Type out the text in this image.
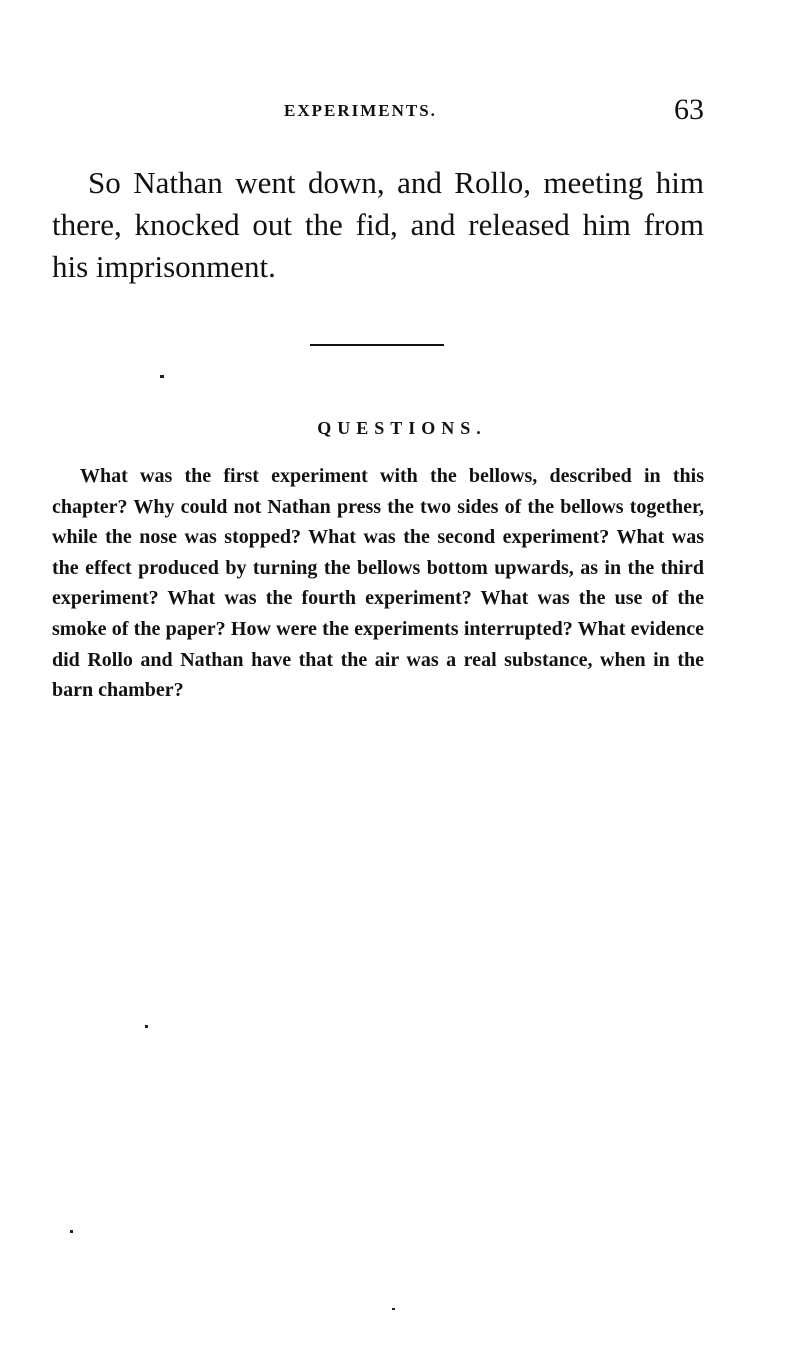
EXPERIMENTS.	63

So Nathan went down, and Rollo, meeting him there, knocked out the fid, and released him from his imprisonment.

QUESTIONS.

What was the first experiment with the bellows, described in this chapter? Why could not Nathan press the two sides of the bellows together, while the nose was stopped? What was the second experiment? What was the effect produced by turning the bellows bottom upwards, as in the third experiment? What was the fourth experiment? What was the use of the smoke of the paper? How were the experiments interrupted? What evidence did Rollo and Nathan have that the air was a real substance, when in the barn chamber?
